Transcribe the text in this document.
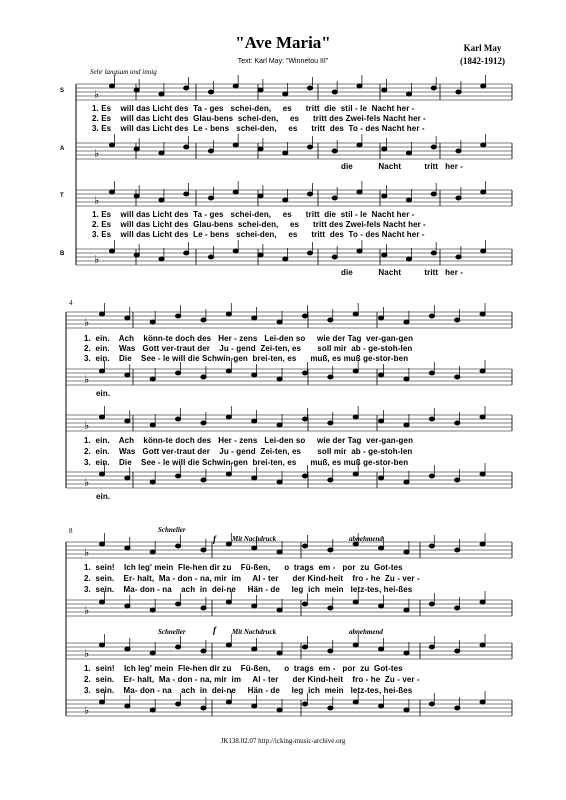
"Ave Maria"
Text: Karl May: "Winnetou III"
Karl May
(1842-1912)
Sehr langsam und innig
S
A
T
B
♭
♭
♭
♭
♭
♭
♭
♭
♭
♭
♭
♭
1. Es    will das Licht des  Ta - ges   schei-den,     es      tritt  die  stil - le  Nacht her -
2. Es    will das Licht des  Glau-bens  schei-den,     es      tritt des Zwei-fels Nacht her -
3. Es    will das Licht des  Le - bens   schei-den,     es      tritt  des  To - des Nacht her -
die           Nacht          tritt   her -
1. Es    will das Licht des  Ta - ges   schei-den,     es      tritt  die  stil - le  Nacht her -
2. Es    will das Licht des  Glau-bens  schei-den,     es      tritt des Zwei-fels Nacht her -
3. Es    will das Licht des  Le - bens   schei-den,     es      tritt  des  To - des Nacht her -
die           Nacht          tritt   her -
4
1.  ein.    Ach    könn-te doch des   Her - zens   Lei-den so     wie der Tag  ver-gan-gen
2.  ein.    Was   Gott ver-traut der    Ju - gend  Zei-ten, es       soll mir  ab - ge-stoh-len
3.  ein.    Die    See - le will die Schwin-gen  brei-ten, es      muß, es muß ge-stor-ben
ein.
1.  ein.    Ach    könn-te doch des   Her - zens   Lei-den so     wie der Tag  ver-gan-gen
2.  ein.    Was   Gott ver-traut der    Ju - gend  Zei-ten, es       soll mir  ab - ge-stoh-len
3.  ein.    Die    See - le will die Schwin-gen  brei-ten, es      muß, es muß ge-stor-ben
ein.
8	Schneller
f Mit Nachdruck	abnehmend
1.  sein!    Ich leg' mein  Fle-hen dir zu    Fü-ßen,      o  trags  em -   por  zu  Got-tes
2.  sein.    Er- halt,  Ma - don - na, mir  im     Al - ter      der Kind-heit    fro - he  Zu - ver -
3.  sein.    Ma- don - na    ach  in  dei-ne     Hän - de     leg  ich  mein   letz-tes, hei-ßes
Schneller	f Mit Nachdruck	abnehmend
1.  sein!    Ich leg' mein  Fle-hen dir zu    Fü-ßen,      o  trags  em -   por  zu  Got-tes
2.  sein.    Er- halt,  Ma - don - na, mir  im     Al - ter      der Kind-heit    fro - he  Zu - ver -
3.  sein.    Ma- don - na    ach  in  dei-ne     Hän - de     leg  ich  mein   letz-tes, hei-ßes
JK138.02.07 http://icking-music-archive.org
